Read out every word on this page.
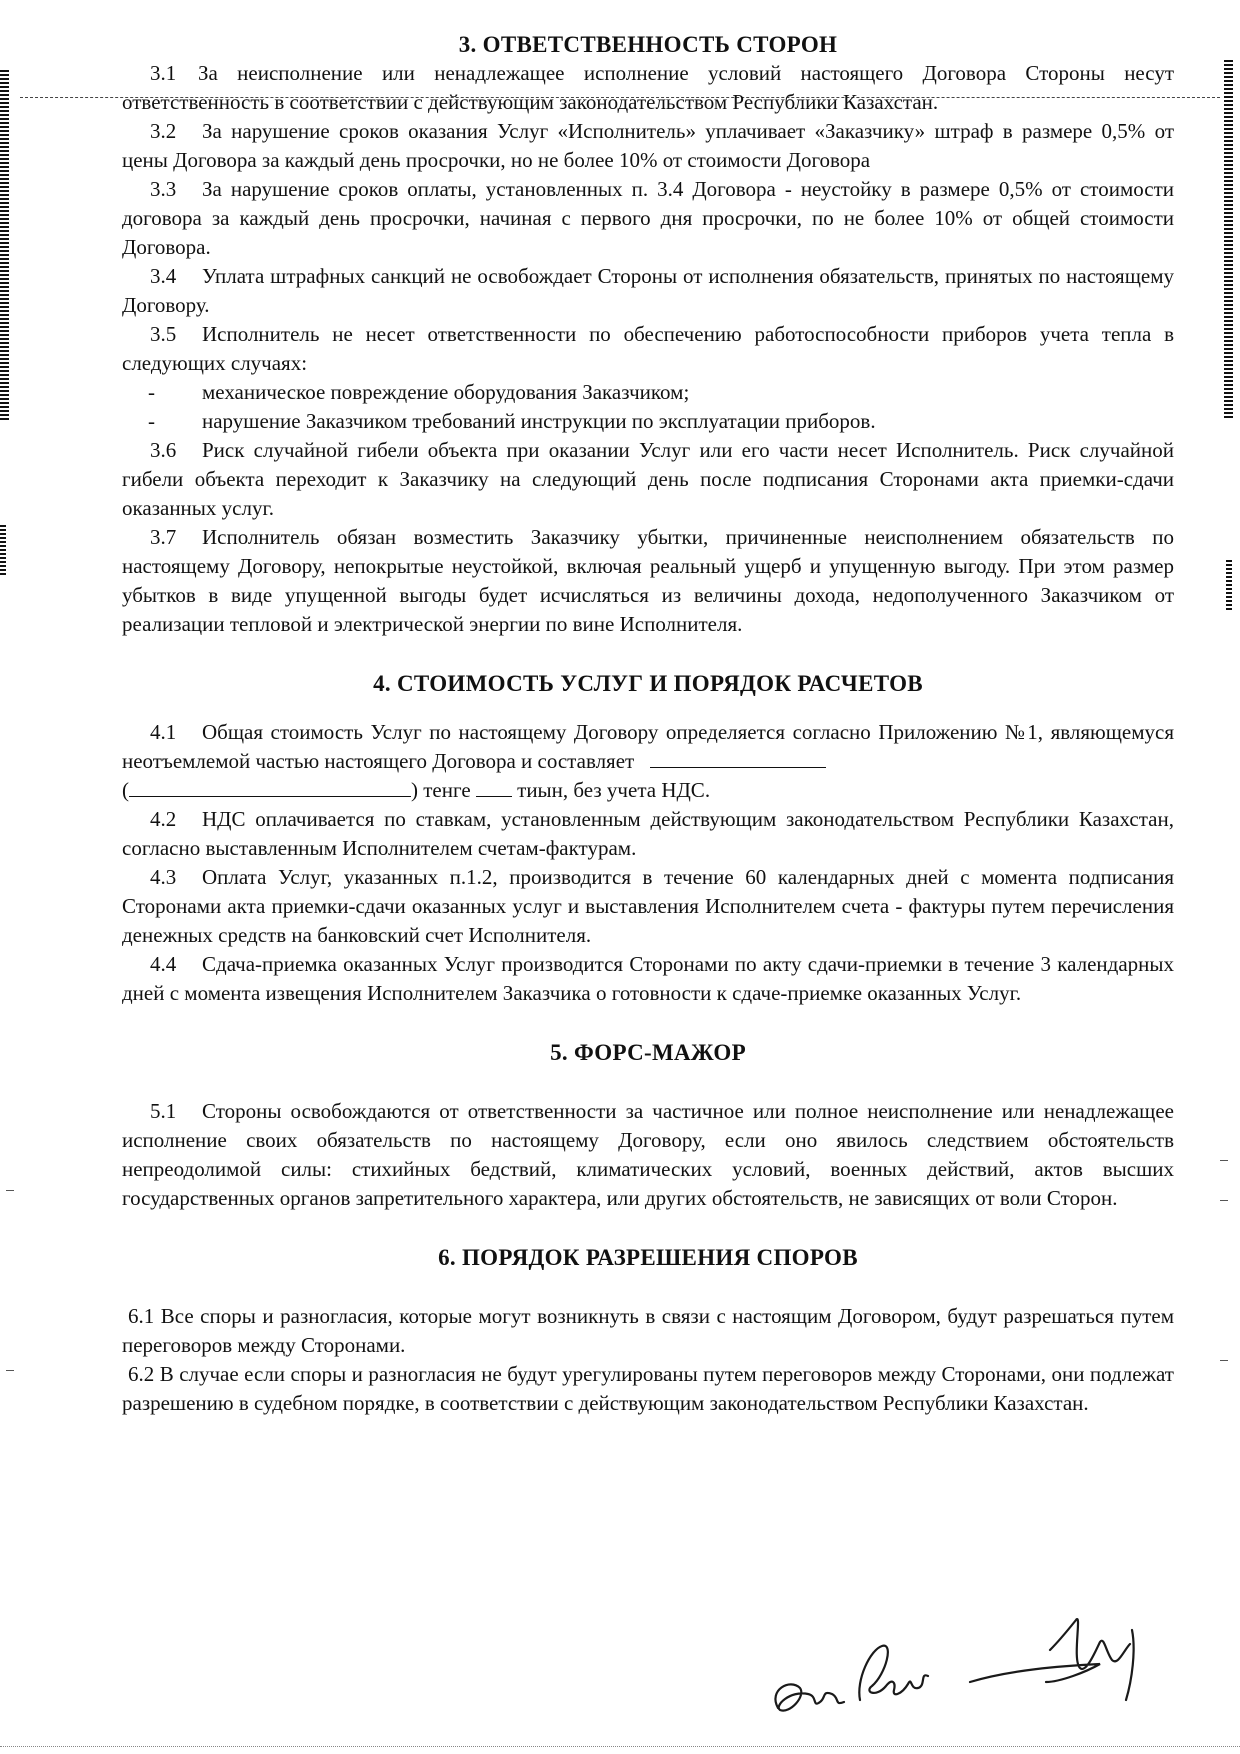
3. ОТВЕТСТВЕННОСТЬ СТОРОН

3.1 За неисполнение или ненадлежащее исполнение условий настоящего Договора Стороны несут ответственность в соответствии с действующим законодательством Республики Казахстан.

3.2 За нарушение сроков оказания Услуг «Исполнитель» уплачивает «Заказчику» штраф в размере 0,5% от цены Договора за каждый день просрочки, но не более 10% от стоимости Договора

3.3 За нарушение сроков оплаты, установленных п. 3.4 Договора - неустойку в размере 0,5% от стоимости договора за каждый день просрочки, начиная с первого дня просрочки, по не более 10% от общей стоимости Договора.

3.4 Уплата штрафных санкций не освобождает Стороны от исполнения обязательств, принятых по настоящему Договору.

3.5 Исполнитель не несет ответственности по обеспечению работоспособности приборов учета тепла в следующих случаях:

- механическое повреждение оборудования Заказчиком;

- нарушение Заказчиком требований инструкции по эксплуатации приборов.

3.6 Риск случайной гибели объекта при оказании Услуг или его части несет Исполнитель. Риск случайной гибели объекта переходит к Заказчику на следующий день после подписания Сторонами акта приемки-сдачи оказанных услуг.

3.7 Исполнитель обязан возместить Заказчику убытки, причиненные неисполнением обязательств по настоящему Договору, непокрытые неустойкой, включая реальный ущерб и упущенную выгоду. При этом размер убытков в виде упущенной выгоды будет исчисляться из величины дохода, недополученного Заказчиком от реализации тепловой и электрической энергии по вине Исполнителя.

4. СТОИМОСТЬ УСЛУГ И ПОРЯДОК РАСЧЕТОВ

4.1 Общая стоимость Услуг по настоящему Договору определяется согласно Приложению №1, являющемуся неотъемлемой частью настоящего Договора и составляет
(	) тенге тиын, без учета НДС.

4.2 НДС оплачивается по ставкам, установленным действующим законодательством Республики Казахстан, согласно выставленным Исполнителем счетам-фактурам.

4.3 Оплата Услуг, указанных п.1.2, производится в течение 60 календарных дней с момента подписания Сторонами акта приемки-сдачи оказанных услуг и выставления Исполнителем счета - фактуры путем перечисления денежных средств на банковский счет Исполнителя.

4.4 Сдача-приемка оказанных Услуг производится Сторонами по акту сдачи-приемки в течение 3 календарных дней с момента извещения Исполнителем Заказчика о готовности к сдаче-приемке оказанных Услуг.

5. ФОРС-МАЖОР

5.1 Стороны освобождаются от ответственности за частичное или полное неисполнение или ненадлежащее исполнение своих обязательств по настоящему Договору, если оно явилось следствием обстоятельств непреодолимой силы: стихийных бедствий, климатических условий, военных действий, актов высших государственных органов запретительного характера, или других обстоятельств, не зависящих от воли Сторон.

6. ПОРЯДОК РАЗРЕШЕНИЯ СПОРОВ

6.1 Все споры и разногласия, которые могут возникнуть в связи с настоящим Договором, будут разрешаться путем переговоров между Сторонами.

6.2 В случае если споры и разногласия не будут урегулированы путем переговоров между Сторонами, они подлежат разрешению в судебном порядке, в соответствии с действующим законодательством Республики Казахстан.
